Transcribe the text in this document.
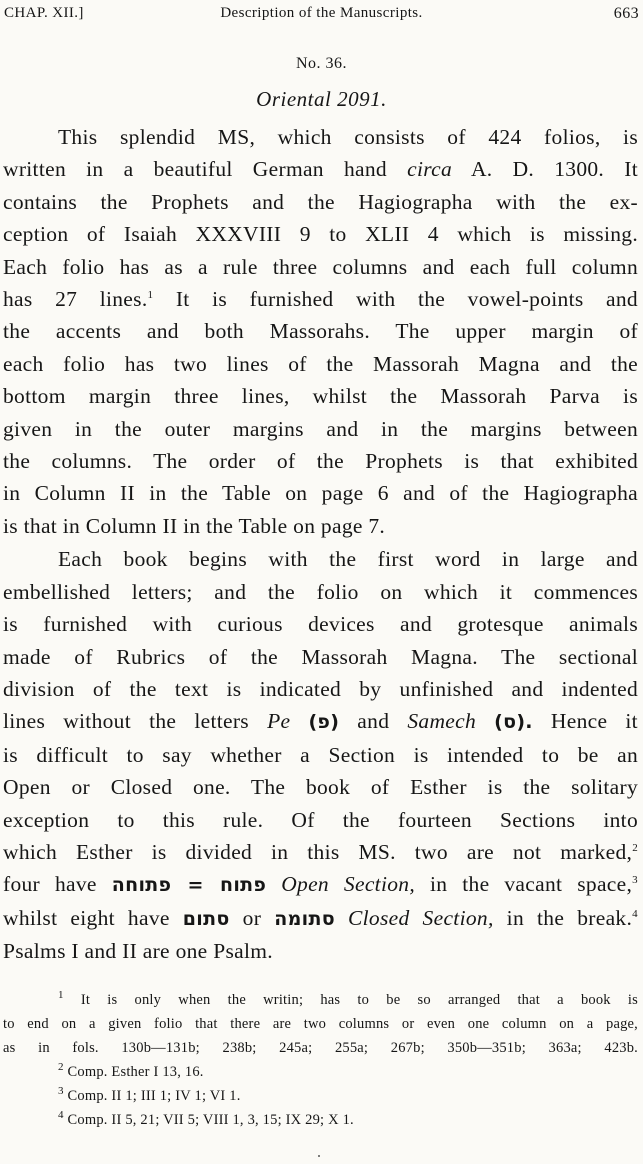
CHAP. XII.]	Description of the Manuscripts.	663
No. 36.
Oriental 2091.
This splendid MS, which consists of 424 folios, is
written in a beautiful German hand circa A. D. 1300. It
contains the Prophets and the Hagiographa with the ex-
ception of Isaiah XXXVIII 9 to XLII 4 which is missing.
Each folio has as a rule three columns and each full column
has 27 lines.$^1$ It is furnished with the vowel-points and
the accents and both Massorahs. The upper margin of
each folio has two lines of the Massorah Magna and the
bottom margin three lines, whilst the Massorah Parva is
given in the outer margins and in the margins between
the columns. The order of the Prophets is that exhibited
in Column II in the Table on page 6 and of the Hagiographa
is that in Column II in the Table on page 7.
Each book begins with the first word in large and
embellished letters; and the folio on which it commences
is furnished with curious devices and grotesque animals
made of Rubrics of the Massorah Magna. The sectional
division of the text is indicated by unfinished and indented
lines without the letters Pe (פ) and Samech (ס). Hence it
is difficult to say whether a Section is intended to be an
Open or Closed one. The book of Esther is the solitary
exception to this rule. Of the fourteen Sections into
which Esther is divided in this MS. two are not marked,$^2$
four have פתוח = פתוחה Open Section, in the vacant space,$^3$
whilst eight have סתום or סתומה Closed Section, in the break.$^4$
Psalms I and II are one Psalm.
$^1$ It is only when the writin; has to be so arranged that a book is
to end on a given folio that there are two columns or even one column on a page,
as in fols. 130b—131b; 238b; 245a; 255a; 267b; 350b—351b; 363a; 423b.
$^2$ Comp. Esther I 13, 16.
$^3$ Comp. II 1; III 1; IV 1; VI 1.
$^4$ Comp. II 5, 21; VII 5; VIII 1, 3, 15; IX 29; X 1.
